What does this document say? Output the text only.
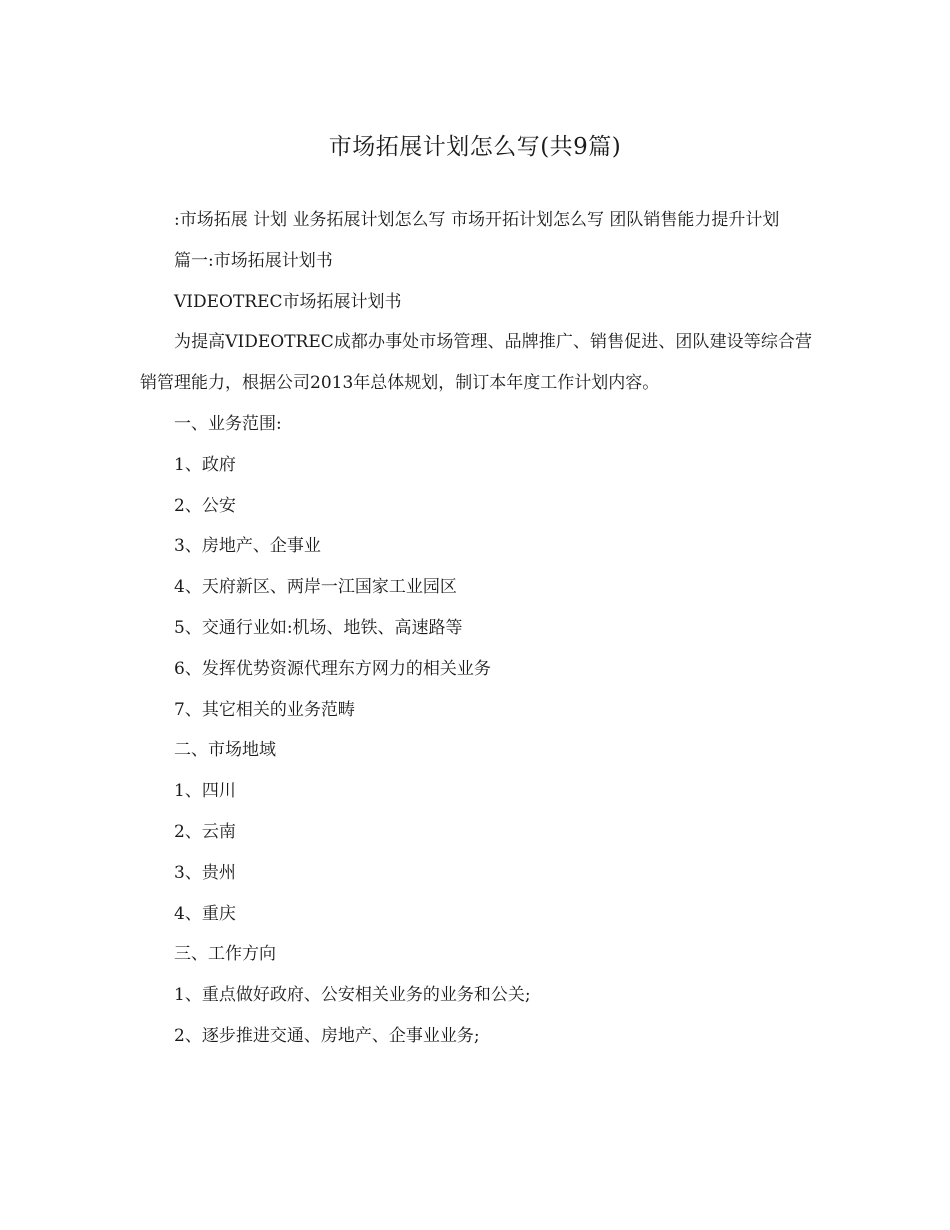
市场拓展计划怎么写(共9篇)

:市场拓展 计划 业务拓展计划怎么写 市场开拓计划怎么写 团队销售能力提升计划

篇一:市场拓展计划书

VIDEOTREC市场拓展计划书

为提高VIDEOTREC成都办事处市场管理、品牌推广、销售促进、团队建设等综合营销管理能力，根据公司2013年总体规划，制订本年度工作计划内容。

一、业务范围:

1、政府

2、公安

3、房地产、企事业

4、天府新区、两岸一江国家工业园区

5、交通行业如:机场、地铁、高速路等

6、发挥优势资源代理东方网力的相关业务

7、其它相关的业务范畴

二、市场地域

1、四川

2、云南

3、贵州

4、重庆

三、工作方向

1、重点做好政府、公安相关业务的业务和公关;

2、逐步推进交通、房地产、企事业业务;
